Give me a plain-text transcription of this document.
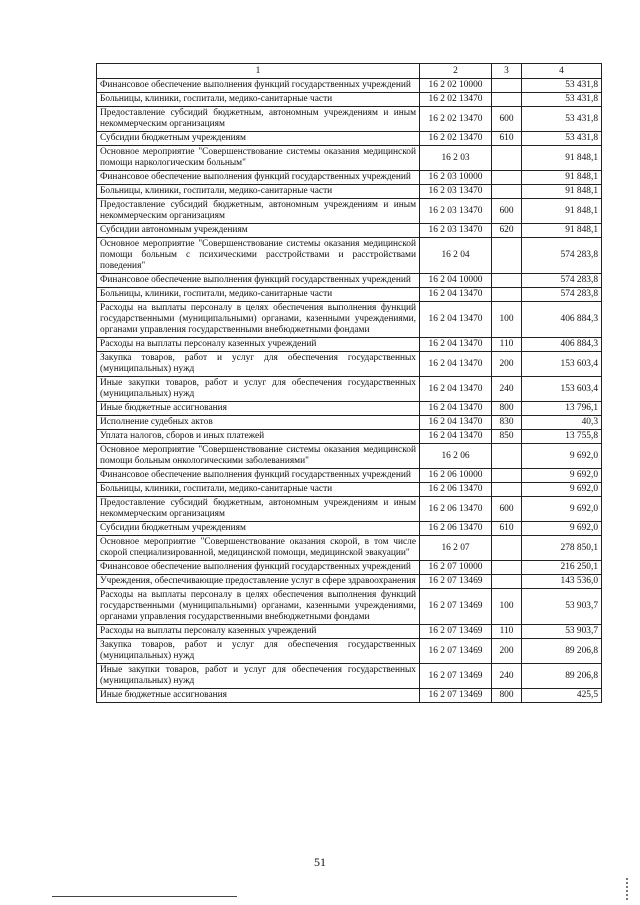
1	2	3	4
Финансовое обеспечение выполнения функций государственных учреждений	16 2 02 10000		53 431,8
Больницы, клиники, госпитали, медико-санитарные части	16 2 02 13470		53 431,8
Предоставление субсидий бюджетным, автономным учреждениям и иным некоммерческим организациям	16 2 02 13470	600	53 431,8
Субсидии бюджетным учреждениям	16 2 02 13470	610	53 431,8
Основное мероприятие "Совершенствование системы оказания медицинской помощи наркологическим больным"	16 2 03		91 848,1
Финансовое обеспечение выполнения функций государственных учреждений	16 2 03 10000		91 848,1
Больницы, клиники, госпитали, медико-санитарные части	16 2 03 13470		91 848,1
Предоставление субсидий бюджетным, автономным учреждениям и иным некоммерческим организациям	16 2 03 13470	600	91 848,1
Субсидии автономным учреждениям	16 2 03 13470	620	91 848,1
Основное мероприятие "Совершенствование системы оказания медицинской помощи больным с психическими расстройствами и расстройствами поведения"	16 2 04		574 283,8
Финансовое обеспечение выполнения функций государственных учреждений	16 2 04 10000		574 283,8
Больницы, клиники, госпитали, медико-санитарные части	16 2 04 13470		574 283,8
Расходы на выплаты персоналу в целях обеспечения выполнения функций государственными (муниципальными) органами, казенными учреждениями, органами управления государственными внебюджетными фондами	16 2 04 13470	100	406 884,3
Расходы на выплаты персоналу казенных учреждений	16 2 04 13470	110	406 884,3
Закупка товаров, работ и услуг для обеспечения государственных (муниципальных) нужд	16 2 04 13470	200	153 603,4
Иные закупки товаров, работ и услуг для обеспечения государственных (муниципальных) нужд	16 2 04 13470	240	153 603,4
Иные бюджетные ассигнования	16 2 04 13470	800	13 796,1
Исполнение судебных актов	16 2 04 13470	830	40,3
Уплата налогов, сборов и иных платежей	16 2 04 13470	850	13 755,8
Основное мероприятие "Совершенствование системы оказания медицинской помощи больным онкологическими заболеваниями"	16 2 06		9 692,0
Финансовое обеспечение выполнения функций государственных учреждений	16 2 06 10000		9 692,0
Больницы, клиники, госпитали, медико-санитарные части	16 2 06 13470		9 692,0
Предоставление субсидий бюджетным, автономным учреждениям и иным некоммерческим организациям	16 2 06 13470	600	9 692,0
Субсидии бюджетным учреждениям	16 2 06 13470	610	9 692,0
Основное мероприятие "Совершенствование оказания скорой, в том числе скорой специализированной, медицинской помощи, медицинской эвакуации"	16 2 07		278 850,1
Финансовое обеспечение выполнения функций государственных учреждений	16 2 07 10000		216 250,1
Учреждения, обеспечивающие предоставление услуг в сфере здравоохранения	16 2 07 13469		143 536,0
Расходы на выплаты персоналу в целях обеспечения выполнения функций государственными (муниципальными) органами, казенными учреждениями, органами управления государственными внебюджетными фондами	16 2 07 13469	100	53 903,7
Расходы на выплаты персоналу казенных учреждений	16 2 07 13469	110	53 903,7
Закупка товаров, работ и услуг для обеспечения государственных (муниципальных) нужд	16 2 07 13469	200	89 206,8
Иные закупки товаров, работ и услуг для обеспечения государственных (муниципальных) нужд	16 2 07 13469	240	89 206,8
Иные бюджетные ассигнования	16 2 07 13469	800	425,5
51
